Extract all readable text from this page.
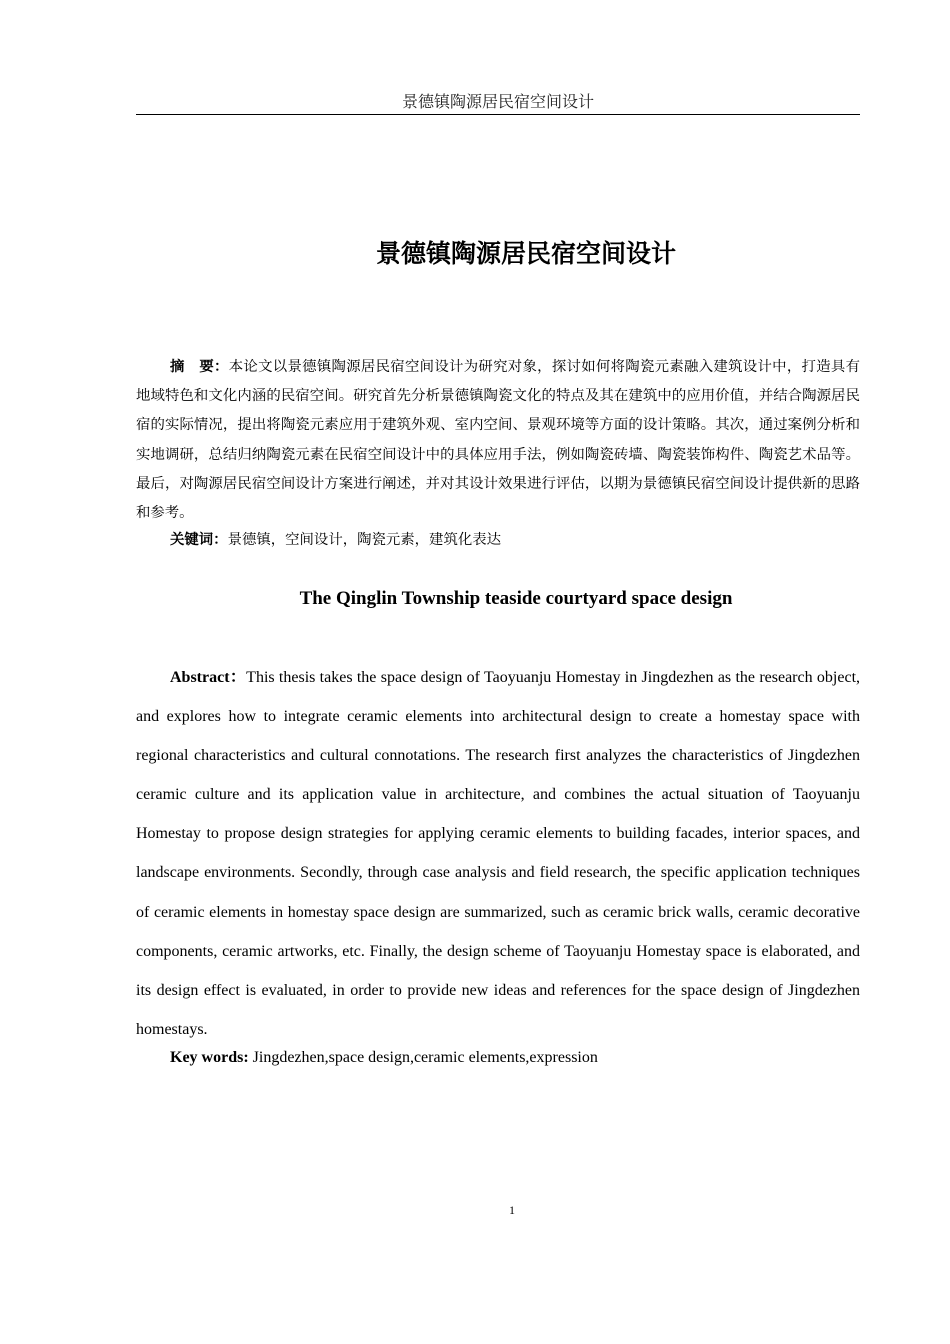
景德镇陶源居民宿空间设计
景德镇陶源居民宿空间设计

摘　要：本论文以景德镇陶源居民宿空间设计为研究对象，探讨如何将陶瓷元素融入建筑设计中，打造具有地域特色和文化内涵的民宿空间。研究首先分析景德镇陶瓷文化的特点及其在建筑中的应用价值，并结合陶源居民宿的实际情况，提出将陶瓷元素应用于建筑外观、室内空间、景观环境等方面的设计策略。其次，通过案例分析和实地调研，总结归纳陶瓷元素在民宿空间设计中的具体应用手法，例如陶瓷砖墙、陶瓷装饰构件、陶瓷艺术品等。最后，对陶源居民宿空间设计方案进行阐述，并对其设计效果进行评估，以期为景德镇民宿空间设计提供新的思路和参考。

关键词：景德镇，空间设计，陶瓷元素，建筑化表达

The Qinglin Township teaside courtyard space design

Abstract：This thesis takes the space design of Taoyuanju Homestay in Jingdezhen as the research object, and explores how to integrate ceramic elements into architectural design to create a homestay space with regional characteristics and cultural connotations. The research first analyzes the characteristics of Jingdezhen ceramic culture and its application value in architecture, and combines the actual situation of Taoyuanju Homestay to propose design strategies for applying ceramic elements to building facades, interior spaces, and landscape environments. Secondly, through case analysis and field research, the specific application techniques of ceramic elements in homestay space design are summarized, such as ceramic brick walls, ceramic decorative components, ceramic artworks, etc. Finally, the design scheme of Taoyuanju Homestay space is elaborated, and its design effect is evaluated, in order to provide new ideas and references for the space design of Jingdezhen homestays.

Key words: Jingdezhen,space design,ceramic elements,expression

1
